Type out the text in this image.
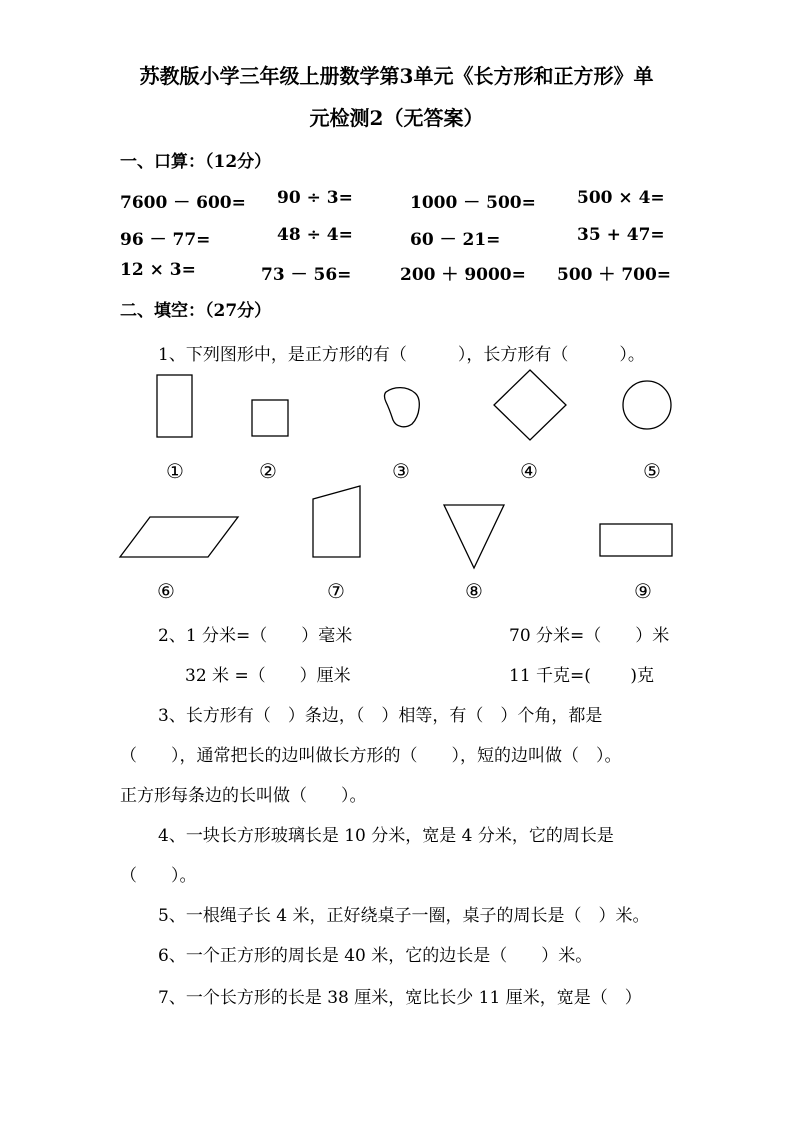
苏教版小学三年级上册数学第3单元《长方形和正方形》单
元检测2（无答案）
一、口算：（12分）
7600 － 600= 90 ÷ 3=	1000 － 500= 500 × 4=
96 － 77=	48 ÷ 4=	60 － 21=	35 + 47=
12 × 3=	73 － 56=	200 ＋ 9000= 500 ＋ 700=
二、填空：（27分）
1、下列图形中，是正方形的有（　　　），长方形有（　　　）。
①	②	③	④	⑤
⑥	⑦	⑧	⑨
2、1 分米=（　　）毫米	70 分米=（　　）米
32 米 =（　　）厘米	11 千克=(　　 )克
3、长方形有（　）条边，（　）相等，有（　）个角，都是
（　　），通常把长的边叫做长方形的（　　），短的边叫做（　）。
正方形每条边的长叫做（　　）。
4、一块长方形玻璃长是 10 分米，宽是 4 分米，它的周长是
（　　）。
5、一根绳子长 4 米，正好绕桌子一圈，桌子的周长是（　）米。
6、一个正方形的周长是 40 米，它的边长是（　　）米。
7、一个长方形的长是 38 厘米，宽比长少 11 厘米，宽是（　）
